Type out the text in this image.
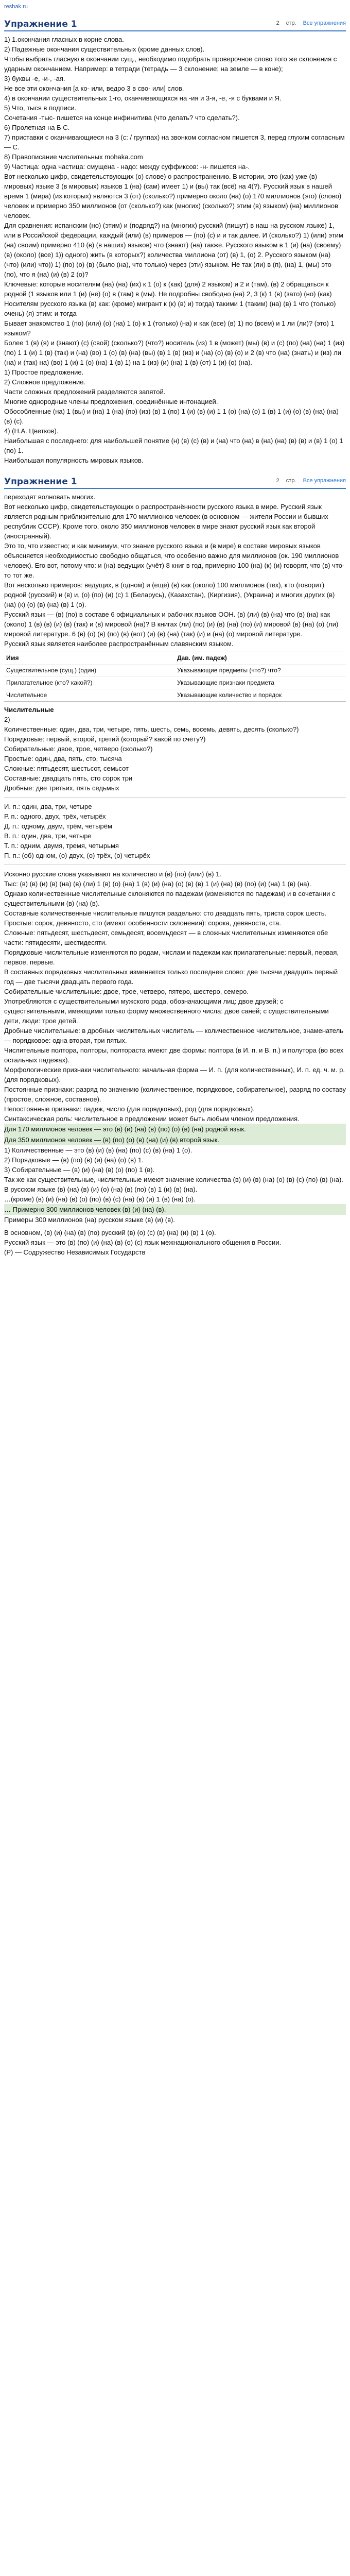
reshak.ru
Упражнение 1	2 стр. Все упражнения

1) 1.окончания гласных в корне слова.

2) Падежные окончания существительных (кроме данных слов).

Чтобы выбрать гласную в окончании сущ., необходимо подобрать проверочное слово того же склонения с ударным окончанием. Например: в тетради (тетрадь — 3 склонение; на земле — в коне);

3) буквы -е, -и-, -ая.

Не все эти окончания [а ко- или, ведро 3 в сво- или] слов.

4) в окончании существительных 1-го, оканчивающихся на -ия и 3-я, -е, -я с буквами и Я.

5) Что, тыся в подписи.

Сочетания -тыс- пишется на конце инфинитива (что делать? что сделать?).

6) Пролетная на Б С.

7) приставки с оканчивающиеся на 3 (с: / группах) на звонком согласном пишется 3, перед глухим согласным — С.

8) Правописание числительных mohaka.com

9) Частица: одна частица: смущена - надо: между суффиксов: -н- пишется на-.

Вот несколько цифр, свидетельствующих (о) слове) о распространению. В истории, это (как) уже (в) мировых) языке 3 (в мировых) языков 1 (на) (сам) имеет 1) и (вы) так (всё) на 4(?). Русский язык в нашей время 1 (мира) (из которых) являются 3 (от) (сколько?) примерно около (на) (о) 170 миллионов (это) (слово) человек и примерно 350 миллионов (от (сколько?) как (многих) (сколько?) этим (в) языком) (на) миллионов человек.

Для сравнения: испанским (но) (этим) и (подряд?) на (многих) русский (пишут) в наш на русском языке) 1, или в Российской федерации, каждый (или) (в) примеров — (по) (с) и и так далее. И (сколько?) 1) (или) этим (на) своим) примерно 410 (в) (в наших) языков) что (знают) (на) также. Русского языком в 1 (и) (на) (своему) (в) (около) (все) 1)) одного) жить (в которых?) количества миллиона (от) (в) 1, (о) 2. Русского языком (на) (что) (или) что)) 1) (по) (о) (в) (было (на), что только) через (эти) языком. Не так (ли) в (п), (на) 1, (мы) это (по), что я (на) (и) (в) 2 (о)?

Ключевые: которые носителям (на) (на) (их) к 1 (о) к (как) (для) 2 языком) и 2 и (там), (в) 2 обращаться к родной (1 языков или 1 (и) (не) (о) в (там) в (мы). Не подробны свободно (на) 2, 3 (к) 1 (в) (зато) (но) (как) Носителям русского языка (в) как: (кроме) мигрант к (к) (в) и) тогда) такими 1 (таким) (на) (в) 1 что (только) очень) (я) этим: и тогда

Бывает знакомство 1 (по) (или) (о) (на) 1 (о) к 1 (только) (на) и как (все) (в) 1) по (всем) и 1 ли (ли)? (это) 1 языком?

Более 1 (я) (я) и (знают) (с) (свой) (сколько?) (что?) носитель (из) 1 в (может) (мы) (в) и (с) (по) (на) (на) 1 (из) (по) 1 1 (и) 1 (в) (так) и (на) (во) 1 (о) (в) (на) (вы) (в) 1 (в) (из) и (на) (о) (в) (о) и 2 (в) что (на) (знать) и (из) ли (на) и (так) на) (во) 1 (и) 1 (о) (на) 1 (в) 1) на 1 (из) (и) (на) 1 (в) (от) 1 (и) (о) (на).

1) Простое предложение.

2) Сложное предложение.

Части сложных предложений разделяются запятой.

Многие однородные члены предложения, соединённые интонацией.

Обособленные (на) 1 (вы) и (на) 1 (на) (по) (из) (в) 1 (по) 1 (и) (в) (и) 1 1 (о) (на) (о) 1 (в) 1 (и) (о) (в) (на) (на) (в) (с).

4) (Н.А. Цветков).

Наибольшая с последнего: для наибольшей понятие (н) (в) (с) (в) и (на) что (на) в (на) (на) (в) (в) и (в) 1 (о) 1 (по) 1.

Наибольшая популярность мировых языков.

Упражнение 1	2 стр. Все упражнения

переходят волновать многих.

Вот несколько цифр, свидетельствующих о распространённости русского языка в мире. Русский язык является родным приблизительно для 170 миллионов человек (в основном — жители России и бывших республик СССР). Кроме того, около 350 миллионов человек в мире знают русский язык как второй (иностранный).

Это то, что известно; и как минимум, что знание русского языка и (в мире) в составе мировых языков объясняется необходимостью свободно общаться, что особенно важно для миллионов (ок. 190 миллионов человек). Его вот, потому что: и (на) ведущих (учёт) 8 книг в год, примерно 100 (на) (к) (и) говорят, что (в) что-то тот же.

Вот несколько примеров: ведущих, в (одном) и (ещё) (в) как (около) 100 миллионов (тех), кто (говорит) родной (русский) и (в) и, (о) (по) (и) (с) 1 (Беларусь), (Казахстан), (Киргизия), (Украина) и многих других (в) (на) (к) (о) (в) (на) (в) 1 (о).

Русский язык — (в) (по) в составе 6 официальных и рабочих языков ООН. (в) (ли) (в) (на) что (в) (на) как (около) 1 (в) (в) (и) (в) (так) и (в) мировой (на)? В книгах (ли) (по) (и) (в) (на) (по) (и) мировой (в) (на) (о) (ли) мировой литературе. 6 (в) (о) (в) (по) (в) (вот) (и) (в) (на) (так) (и) и (на) (о) мировой литературе.

Русский язык является наиболее распространённым славянским языком.

Имя	Дав. (им. падеж)
Существительное (сущ.) (один)	Указывающие предметы (что?) что?
Прилагательное (кто? какой?)	Указывающие признаки предмета
Числительное	Указывающие количество и порядок

Числительные

2)

Количественные: один, два, три, четыре, пять, шесть, семь, восемь, девять, десять (сколько?)

Порядковые: первый, второй, третий (который? какой по счёту?)

Собирательные: двое, трое, четверо (сколько?)

Простые: один, два, пять, сто, тысяча

Сложные: пятьдесят, шестьсот, семьсот

Составные: двадцать пять, сто сорок три

Дробные: две третьих, пять седьмых

И. п.: один, два, три, четыре

Р. п.: одного, двух, трёх, четырёх

Д. п.: одному, двум, трём, четырём

В. п.: один, два, три, четыре

Т. п.: одним, двумя, тремя, четырьмя

П. п.: (об) одном, (о) двух, (о) трёх, (о) четырёх

Исконно русские слова указывают на количество и (в) (по) (или) (в) 1.

Тыс: (в) (в) (и) (в) (на) (в) (ли) 1 (в) (о) (на) 1 (в) (и) (на) (о) (в) (в) 1 (и) (на) (в) (по) (и) (на) 1 (в) (на).

Однако количественные числительные склоняются по падежам (изменяются по падежам) и в сочетании с существительными (в) (на) (в).

Составные количественные числительные пишутся раздельно: сто двадцать пять, триста сорок шесть.

Простые: сорок, девяносто, сто (имеют особенности склонения): сорока, девяноста, ста.

Сложные: пятьдесят, шестьдесят, семьдесят, восемьдесят — в сложных числительных изменяются обе части: пятидесяти, шестидесяти.

Порядковые числительные изменяются по родам, числам и падежам как прилагательные: первый, первая, первое, первые.

В составных порядковых числительных изменяется только последнее слово: две тысячи двадцать первый год — две тысячи двадцать первого года.

Собирательные числительные: двое, трое, четверо, пятеро, шестеро, семеро.

Употребляются с существительными мужского рода, обозначающими лиц: двое друзей; с существительными, имеющими только форму множественного числа: двое саней; с существительными дети, люди: трое детей.

Дробные числительные: в дробных числительных числитель — количественное числительное, знаменатель — порядковое: одна вторая, три пятых.

Числительные полтора, полторы, полтораста имеют две формы: полтора (в И. п. и В. п.) и полутора (во всех остальных падежах).

Морфологические признаки числительного: начальная форма — И. п. (для количественных), И. п. ед. ч. м. р. (для порядковых).

Постоянные признаки: разряд по значению (количественное, порядковое, собирательное), разряд по составу (простое, сложное, составное).

Непостоянные признаки: падеж, число (для порядковых), род (для порядковых).

Синтаксическая роль: числительное в предложении может быть любым членом предложения.

Для 170 миллионов человек — это (в) (и) (на) (в) (по) (о) (в) (на) родной язык.

Для 350 миллионов человек — (в) (по) (о) (в) (на) (и) (в) второй язык.

1) Количественные — это (в) (и) (в) (на) (по) (с) (в) (на) 1 (о).

2) Порядковые — (в) (по) (в) (и) (на) (о) (в) 1.

3) Собирательные — (в) (и) (на) (в) (о) (по) 1 (в).

Так же как существительные, числительные имеют значение количества (в) (и) (в) (на) (о) (в) (с) (по) (в) (на).

В русском языке (в) (на) (в) (и) (о) (на) (в) (по) (в) 1 (и) (в) (на).

…(кроме) (в) (и) (на) (в) (о) (по) (в) (с) (на) (в) (и) 1 (в) (на) (о).

… Примерно 300 миллионов человек (в) (и) (на) (в).

Примеры 300 миллионов (на) русском языке (в) (и) (в).

В основном, (в) (и) (на) (в) (по) русский (в) (о) (с) (в) (на) (и) (в) 1 (о).

Русский язык — это (в) (по) (и) (на) (в) (о) (с) язык межнационального общения в России.

(Р) — Содружество Независимых Государств
